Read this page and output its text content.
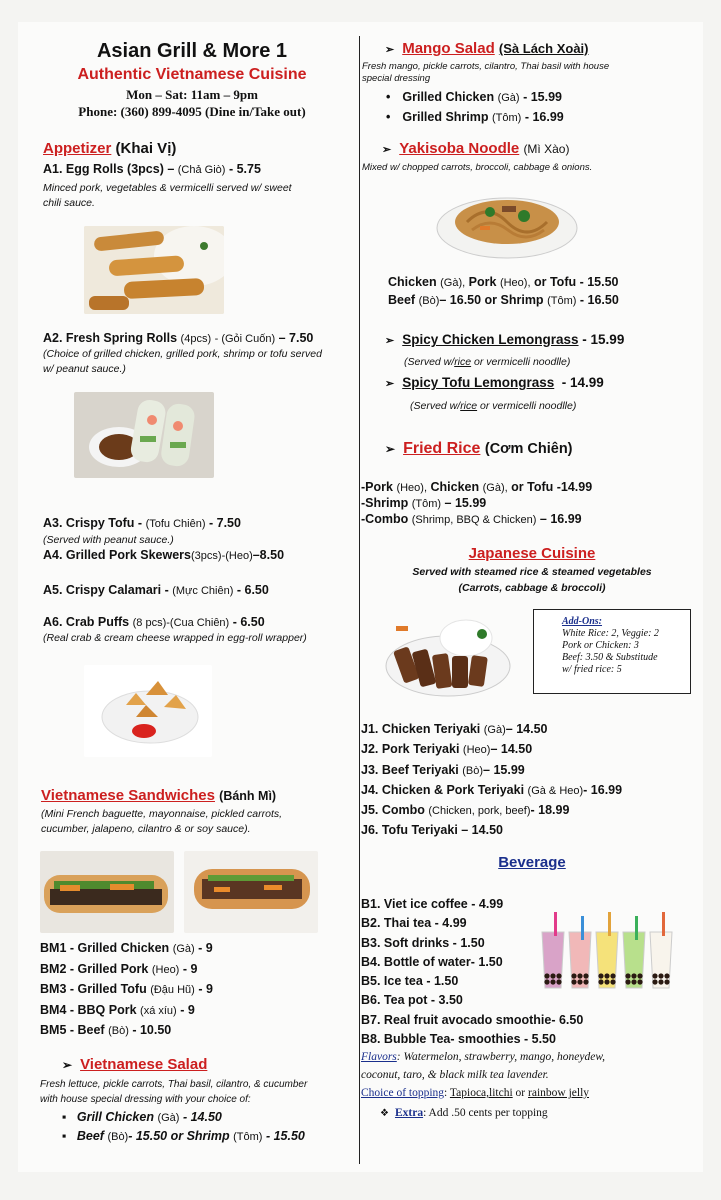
Asian Grill & More 1
Authentic Vietnamese Cuisine
Mon – Sat: 11am – 9pm
Phone: (360) 899-4095 (Dine in/Take out)
Appetizer (Khai Vị)
A1. Egg Rolls (3pcs) – (Chả Giò) - 5.75
Minced pork, vegetables & vermicelli served w/ sweet
chili sauce.
A2. Fresh Spring Rolls (4pcs) - (Gỏi Cuốn) – 7.50
(Choice of grilled chicken, grilled pork, shrimp or tofu served
w/ peanut sauce.)
A3. Crispy Tofu - (Tofu Chiên) - 7.50
(Served with peanut sauce.)
A4. Grilled Pork Skewers(3pcs)-(Heo)–8.50
A5. Crispy Calamari - (Mực Chiên) - 6.50
A6. Crab Puffs (8 pcs)-(Cua Chiên) - 6.50
(Real crab & cream cheese wrapped in egg-roll wrapper)
Vietnamese Sandwiches (Bánh Mì)
(Mini French baguette, mayonnaise, pickled carrots,
cucumber, jalapeno, cilantro & or soy sauce).
BM1 - Grilled Chicken (Gà) - 9
BM2 - Grilled Pork (Heo) - 9
BM3 - Grilled Tofu (Đậu Hũ) - 9
BM4 - BBQ Pork (xá xíu) - 9
BM5 - Beef (Bò) - 10.50
➢ Vietnamese Salad
Fresh lettuce, pickle carrots, Thai basil, cilantro, & cucumber
with house special dressing with your choice of:
▪ Grill Chicken (Gà) - 14.50
▪ Beef (Bò)- 15.50 or Shrimp (Tôm) - 15.50
➢ Mango Salad (Sà Lách Xoài)
Fresh mango, pickle carrots, cilantro, Thai basil with house
special dressing
• Grilled Chicken (Gà) - 15.99
• Grilled Shrimp (Tôm) - 16.99
➢ Yakisoba Noodle (Mì Xào)
Mixed w/ chopped carrots, broccoli, cabbage & onions.
Chicken (Gà), Pork (Heo), or Tofu - 15.50
Beef (Bò)– 16.50 or Shrimp (Tôm) - 16.50
➢ Spicy Chicken Lemongrass - 15.99
(Served w/rice or vermicelli noodlle)
➢ Spicy Tofu Lemongrass - 14.99
(Served w/rice or vermicelli noodlle)
➢ Fried Rice (Cơm Chiên)
-Pork (Heo), Chicken (Gà), or Tofu -14.99
-Shrimp (Tôm) – 15.99
-Combo (Shrimp, BBQ & Chicken) – 16.99
Japanese Cuisine
Served with steamed rice & steamed vegetables
(Carrots, cabbage & broccoli)
Add-Ons:
White Rice: 2, Veggie: 2
Pork or Chicken: 3
Beef: 3.50 & Substitude
w/ fried rice: 5
J1. Chicken Teriyaki (Gà)– 14.50
J2. Pork Teriyaki (Heo)– 14.50
J3. Beef Teriyaki (Bò)– 15.99
J4. Chicken & Pork Teriyaki (Gà & Heo)- 16.99
J5. Combo (Chicken, pork, beef)- 18.99
J6. Tofu Teriyaki – 14.50
Beverage
B1. Viet ice coffee - 4.99
B2. Thai tea - 4.99
B3. Soft drinks - 1.50
B4. Bottle of water- 1.50
B5. Ice tea - 1.50
B6. Tea pot - 3.50
B7. Real fruit avocado smoothie- 6.50
B8. Bubble Tea- smoothies - 5.50
Flavors: Watermelon, strawberry, mango, honeydew,
coconut, taro, & black milk tea lavender.
Choice of topping: Tapioca,litchi or rainbow jelly
❖ Extra: Add .50 cents per topping
